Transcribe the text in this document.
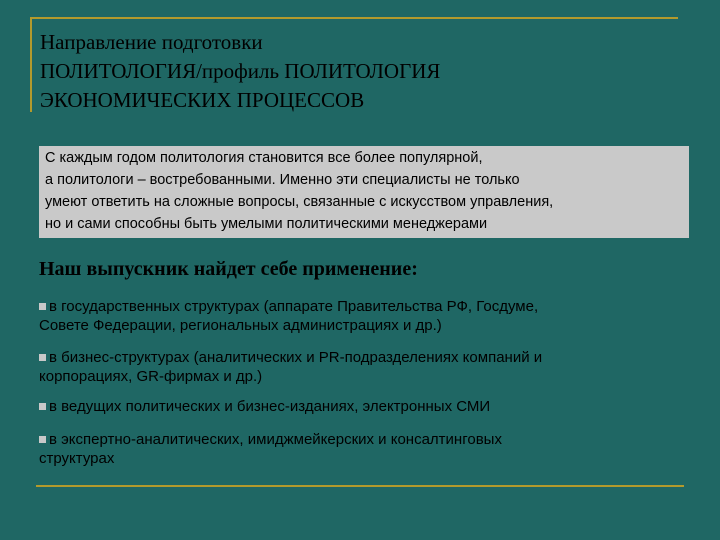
Направление подготовки
ПОЛИТОЛОГИЯ/профиль ПОЛИТОЛОГИЯ
ЭКОНОМИЧЕСКИХ ПРОЦЕССОВ
С каждым годом политология становится все более популярной,
а политологи – востребованными. Именно эти специалисты не только
умеют ответить на сложные вопросы, связанные с искусством управления,
но и сами способны быть умелыми политическими менеджерами
Наш выпускник найдет себе применение:
в государственных структурах (аппарате Правительства РФ, Госдуме,
Совете Федерации, региональных администрациях и др.)
в бизнес-структурах (аналитических и PR-подразделениях компаний и
корпорациях, GR-фирмах и др.)
в ведущих политических и бизнес-изданиях, электронных СМИ
в экспертно-аналитических, имиджмейкерских и консалтинговых
структурах
